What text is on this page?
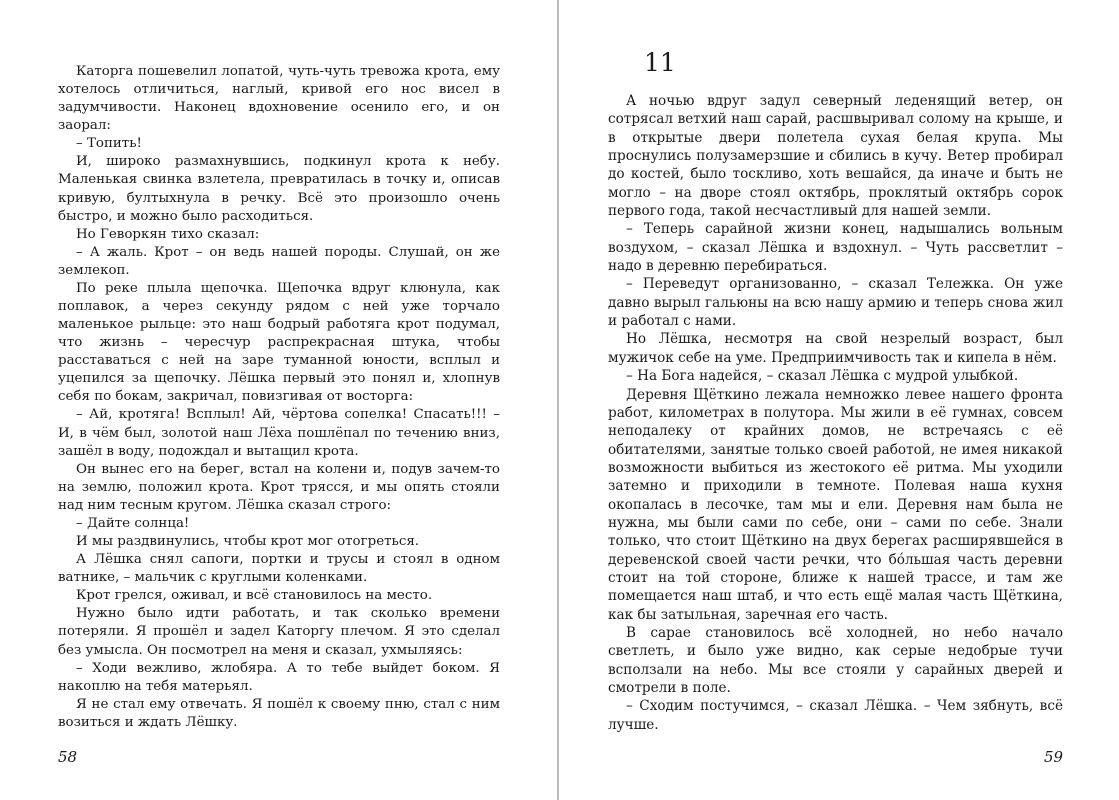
Каторга пошевелил лопатой, чуть-чуть тревожа крота, ему хотелось отличиться, наглый, кривой его нос висел в задумчивости. Наконец вдохновение осенило его, и он заорал:

– Топить!

И, широко размахнувшись, подкинул крота к небу. Маленькая свинка взлетела, превратилась в точку и, описав кривую, бултыхнула в речку. Всё это произошло очень быстро, и можно было расходиться.

Но Геворкян тихо сказал:

– А жаль. Крот – он ведь нашей породы. Слушай, он же землекоп.

По реке плыла щепочка. Щепочка вдруг клюнула, как поплавок, а через секунду рядом с ней уже торчало маленькое рыльце: это наш бодрый работяга крот подумал, что жизнь – чересчур распрекрасная штука, чтобы расставаться с ней на заре туманной юности, всплыл и уцепился за щепочку. Лёшка первый это понял и, хлопнув себя по бокам, закричал, повизгивая от восторга:

– Ай, кротяга! Всплыл! Ай, чёртова сопелка! Спасать!!! – И, в чём был, золотой наш Лёха пошлёпал по течению вниз, зашёл в воду, подождал и вытащил крота.

Он вынес его на берег, встал на колени и, подув зачем-то на землю, положил крота. Крот трясся, и мы опять стояли над ним тесным кругом. Лёшка сказал строго:

– Дайте солнца!

И мы раздвинулись, чтобы крот мог отогреться.

А Лёшка снял сапоги, портки и трусы и стоял в одном ватнике, – мальчик с круглыми коленками.

Крот грелся, оживал, и всё становилось на место.

Нужно было идти работать, и так сколько времени потеряли. Я прошёл и задел Каторгу плечом. Я это сделал без умысла. Он посмотрел на меня и сказал, ухмыляясь:

– Ходи вежливо, жлобяра. А то тебе выйдет боком. Я накоплю на тебя матерьял.

Я не стал ему отвечать. Я пошёл к своему пню, стал с ним возиться и ждать Лёшку.

58
11

А ночью вдруг задул северный леденящий ветер, он сотрясал ветхий наш сарай, расшвыривал солому на крыше, и в открытые двери полетела сухая белая крупа. Мы проснулись полузамерзшие и сбились в кучу. Ветер пробирал до костей, было тоскливо, хоть вешайся, да иначе и быть не могло – на дворе стоял октябрь, проклятый октябрь сорок первого года, такой несчастливый для нашей земли.

– Теперь сарайной жизни конец, надышались вольным воздухом, – сказал Лёшка и вздохнул. – Чуть рассветлит – надо в деревню перебираться.

– Переведут организованно, – сказал Тележка. Он уже давно вырыл гальюны на всю нашу армию и теперь снова жил и работал с нами.

Но Лёшка, несмотря на свой незрелый возраст, был мужичок себе на уме. Предприимчивость так и кипела в нём.

– На Бога надейся, – сказал Лёшка с мудрой улыбкой.

Деревня Щёткино лежала немножко левее нашего фронта работ, километрах в полутора. Мы жили в её гумнах, совсем неподалеку от крайних домов, не встречаясь с её обитателями, занятые только своей работой, не имея никакой возможности выбиться из жестокого её ритма. Мы уходили затемно и приходили в темноте. Полевая наша кухня окопалась в лесочке, там мы и ели. Деревня нам была не нужна, мы были сами по себе, они – сами по себе. Знали только, что стоит Щёткино на двух берегах расширявшейся в деревенской своей части речки, что бóльшая часть деревни стоит на той стороне, ближе к нашей трассе, и там же помещается наш штаб, и что есть ещё малая часть Щёткина, как бы затыльная, заречная его часть.

В сарае становилось всё холодней, но небо начало светлеть, и было уже видно, как серые недобрые тучи всползали на небо. Мы все стояли у сарайных дверей и смотрели в поле.

– Сходим постучимся, – сказал Лёшка. – Чем зябнуть, всё лучше.

59
